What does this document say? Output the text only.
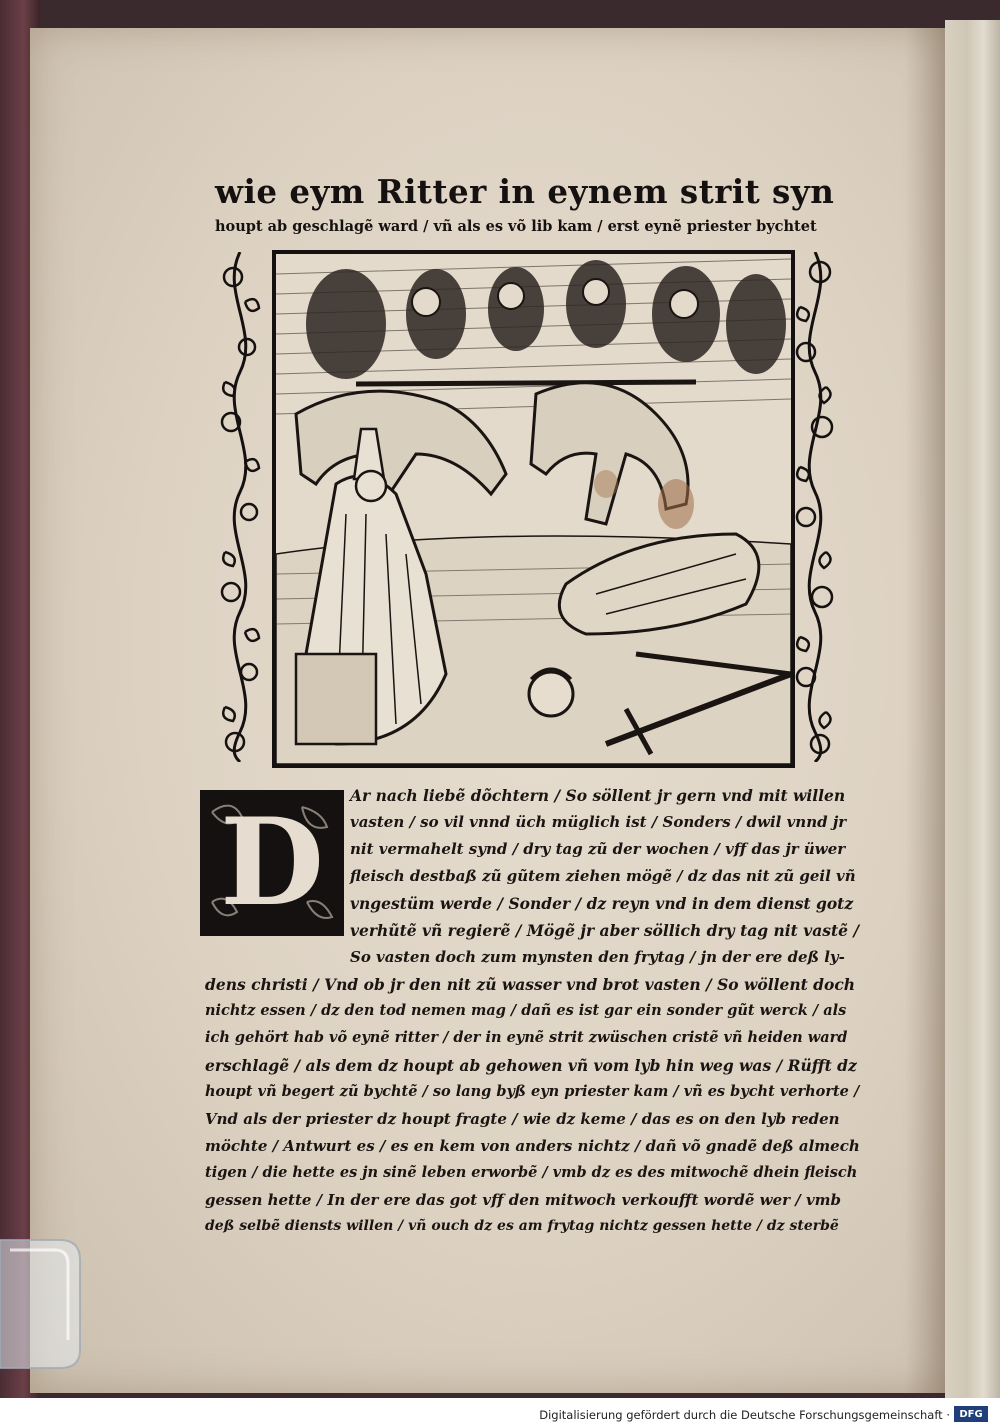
wie eym Ritter in eynem strit syn
houpt ab geschlagẽ ward / vñ als es võ lib kam / erst eynẽ priester bychtet
D	Ar nach liebẽ dõchtern / So söllent jr gern vnd mit willen
vasten / so vil vnnd üch müglich ist / Sonders / dwil vnnd jr
nit vermahelt synd / dry tag zũ der wochen / vff das jr üwer
fleisch destbaß zũ gũtem ziehen mögẽ / dz das nit zũ geil vñ
vngestüm werde / Sonder / dz reyn vnd in dem dienst gotz
verhũtẽ vñ regierẽ / Mögẽ jr aber söllich dry tag nit vastẽ /
So vasten doch zum mynsten den frytag / jn der ere deß ly-
dens christi / Vnd ob jr den nit zũ wasser vnd brot vasten / So wöllent doch
nichtz essen / dz den tod nemen mag / dañ es ist gar ein sonder gũt werck / als
ich gehört hab võ eynẽ ritter / der in eynẽ strit zwüschen cristẽ vñ heiden ward
erschlagẽ / als dem dz houpt ab gehowen vñ vom lyb hin weg was / Rüfft dz
houpt vñ begert zũ bychtẽ / so lang byß eyn priester kam / vñ es bycht verhorte /
Vnd als der priester dz houpt fragte / wie dz keme / das es on den lyb reden
möchte / Antwurt es / es en kem von anders nichtz / dañ võ gnadẽ deß almech
tigen / die hette es jn sinẽ leben erworbẽ / vmb dz es des mitwochẽ dhein fleisch
gessen hette / In der ere das got vff den mitwoch verkoufft wordẽ wer / vmb
deß selbẽ diensts willen / vñ ouch dz es am frytag nichtz gessen hette / dz sterbẽ
Digitalisierung gefördert durch die Deutsche Forschungsgemeinschaft · DFG
